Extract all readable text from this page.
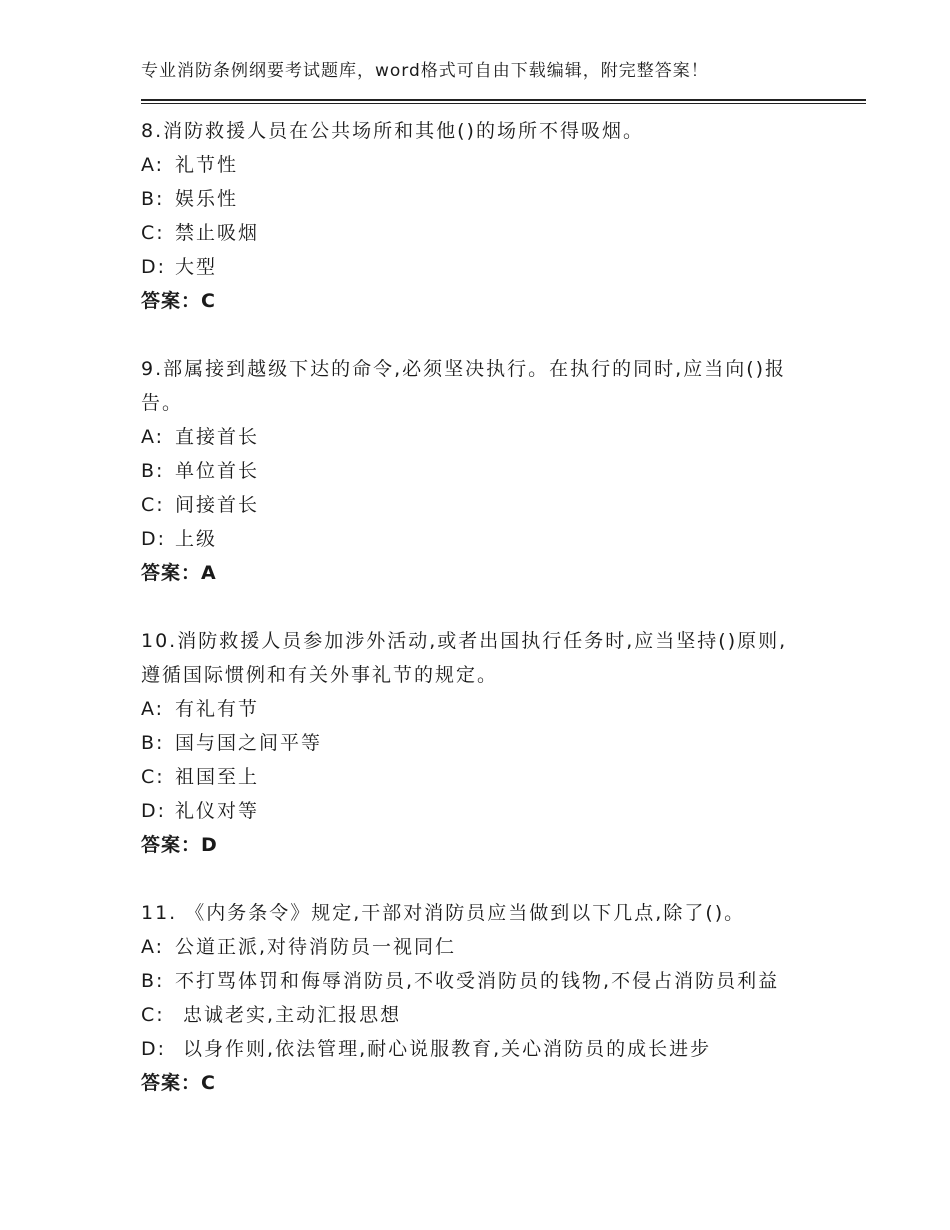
专业消防条例纲要考试题库，word格式可自由下载编辑，附完整答案！
8.消防救援人员在公共场所和其他()的场所不得吸烟。
A: 礼节性
B: 娱乐性
C: 禁止吸烟
D: 大型
答案：C
9.部属接到越级下达的命令,必须坚决执行。在执行的同时,应当向()报告。
A: 直接首长
B: 单位首长
C: 间接首长
D: 上级
答案：A
10.消防救援人员参加涉外活动,或者出国执行任务时,应当坚持()原则,遵循国际惯例和有关外事礼节的规定。
A: 有礼有节
B: 国与国之间平等
C: 祖国至上
D: 礼仪对等
答案：D
11. 《内务条令》规定,干部对消防员应当做到以下几点,除了()。
A: 公道正派,对待消防员一视同仁
B: 不打骂体罚和侮辱消防员,不收受消防员的钱物,不侵占消防员利益
C: 忠诚老实,主动汇报思想
D: 以身作则,依法管理,耐心说服教育,关心消防员的成长进步
答案：C
